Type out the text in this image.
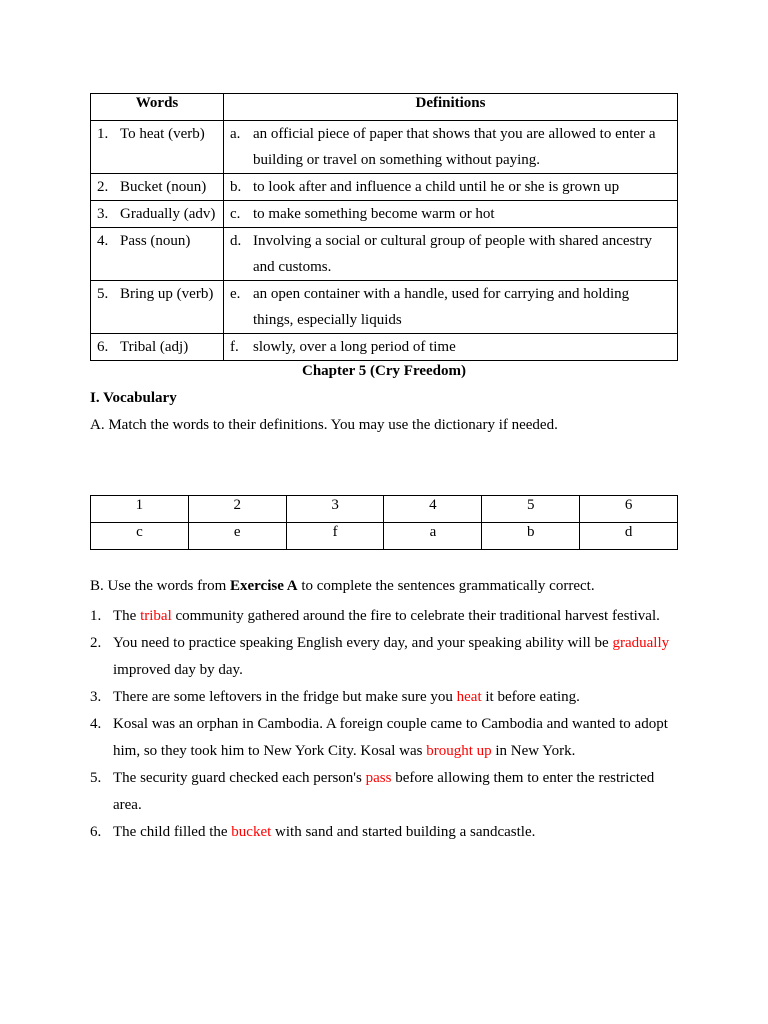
Words	Definitions

1. To heat (verb)	a. an official piece of paper that shows that you are allowed to enter a building or travel on something without paying.

2. Bucket (noun)	b. to look after and influence a child until he or she is grown up

3. Gradually (adv)	c. to make something become warm or hot

4. Pass (noun)	d. Involving a social or cultural group of people with shared ancestry and customs.

5. Bring up (verb)	e. an open container with a handle, used for carrying and holding things, especially liquids

6. Tribal (adj)	f. slowly, over a long period of time
Chapter 5 (Cry Freedom)
I. Vocabulary
A. Match the words to their definitions. You may use the dictionary if needed.
1	2	3	4	5	6
c	e	f	a	b	d
B. Use the words from Exercise A to complete the sentences grammatically correct.
1. The tribal community gathered around the fire to celebrate their traditional harvest festival.
2. You need to practice speaking English every day, and your speaking ability will be gradually improved day by day.
3. There are some leftovers in the fridge but make sure you heat it before eating.
4. Kosal was an orphan in Cambodia. A foreign couple came to Cambodia and wanted to adopt him, so they took him to New York City. Kosal was brought up in New York.
5. The security guard checked each person's pass before allowing them to enter the restricted area.
6. The child filled the bucket with sand and started building a sandcastle.
